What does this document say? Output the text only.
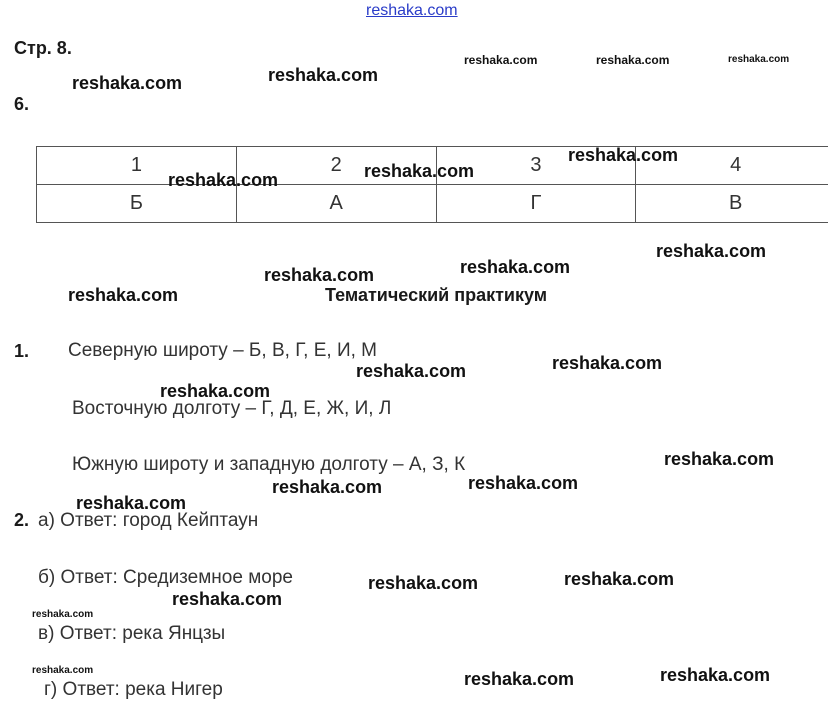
reshaka.com
Стр. 8.
6.
1	2	3	4
Б	А	Г	В
Тематический практикум
1. Северную широту – Б, В, Г, Е, И, М
Восточную долготу – Г, Д, Е, Ж, И, Л
Южную широту и западную долготу – А, З, К
2. а) Ответ: город Кейптаун
б) Ответ: Средиземное море
в) Ответ: река Янцзы
г) Ответ: река Нигер
reshaka.com	reshaka.com
reshaka.com	reshaka.com	reshaka.com
reshaka.com	reshaka.com
reshaka.com
reshaka.com
reshaka.com
reshaka.com
reshaka.com
reshaka.com
reshaka.com
reshaka.com
reshaka.com
reshaka.com
reshaka.com
reshaka.com
reshaka.com
reshaka.com
reshaka.com
reshaka.com
reshaka.com
reshaka.com
reshaka.com
